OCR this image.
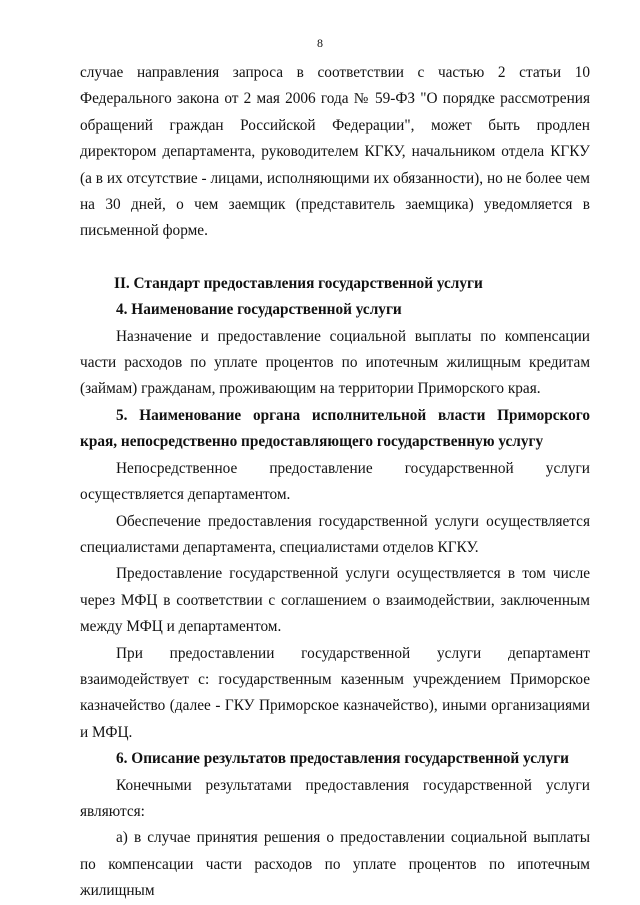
8

случае направления запроса в соответствии с частью 2 статьи 10 Федерального закона от 2 мая 2006 года № 59-ФЗ "О порядке рассмотрения обращений граждан Российской Федерации", может быть продлен директором департамента, руководителем КГКУ, начальником отдела КГКУ (а в их отсутствие - лицами, исполняющими их обязанности), но не более чем на 30 дней, о чем заемщик (представитель заемщика) уведомляется в письменной форме.

II. Стандарт предоставления государственной услуги

4. Наименование государственной услуги

Назначение и предоставление социальной выплаты по компенсации части расходов по уплате процентов по ипотечным жилищным кредитам (займам) гражданам, проживающим на территории Приморского края.

5. Наименование органа исполнительной власти Приморского края, непосредственно предоставляющего государственную услугу

Непосредственное предоставление государственной услуги осуществляется департаментом.

Обеспечение предоставления государственной услуги осуществляется специалистами департамента, специалистами отделов КГКУ.

Предоставление государственной услуги осуществляется в том числе через МФЦ в соответствии с соглашением о взаимодействии, заключенным между МФЦ и департаментом.

При предоставлении государственной услуги департамент взаимодействует с: государственным казенным учреждением Приморское казначейство (далее - ГКУ Приморское казначейство), иными организациями и МФЦ.

6. Описание результатов предоставления государственной услуги

Конечными результатами предоставления государственной услуги являются:

а) в случае принятия решения о предоставлении социальной выплаты по компенсации части расходов по уплате процентов по ипотечным жилищным
